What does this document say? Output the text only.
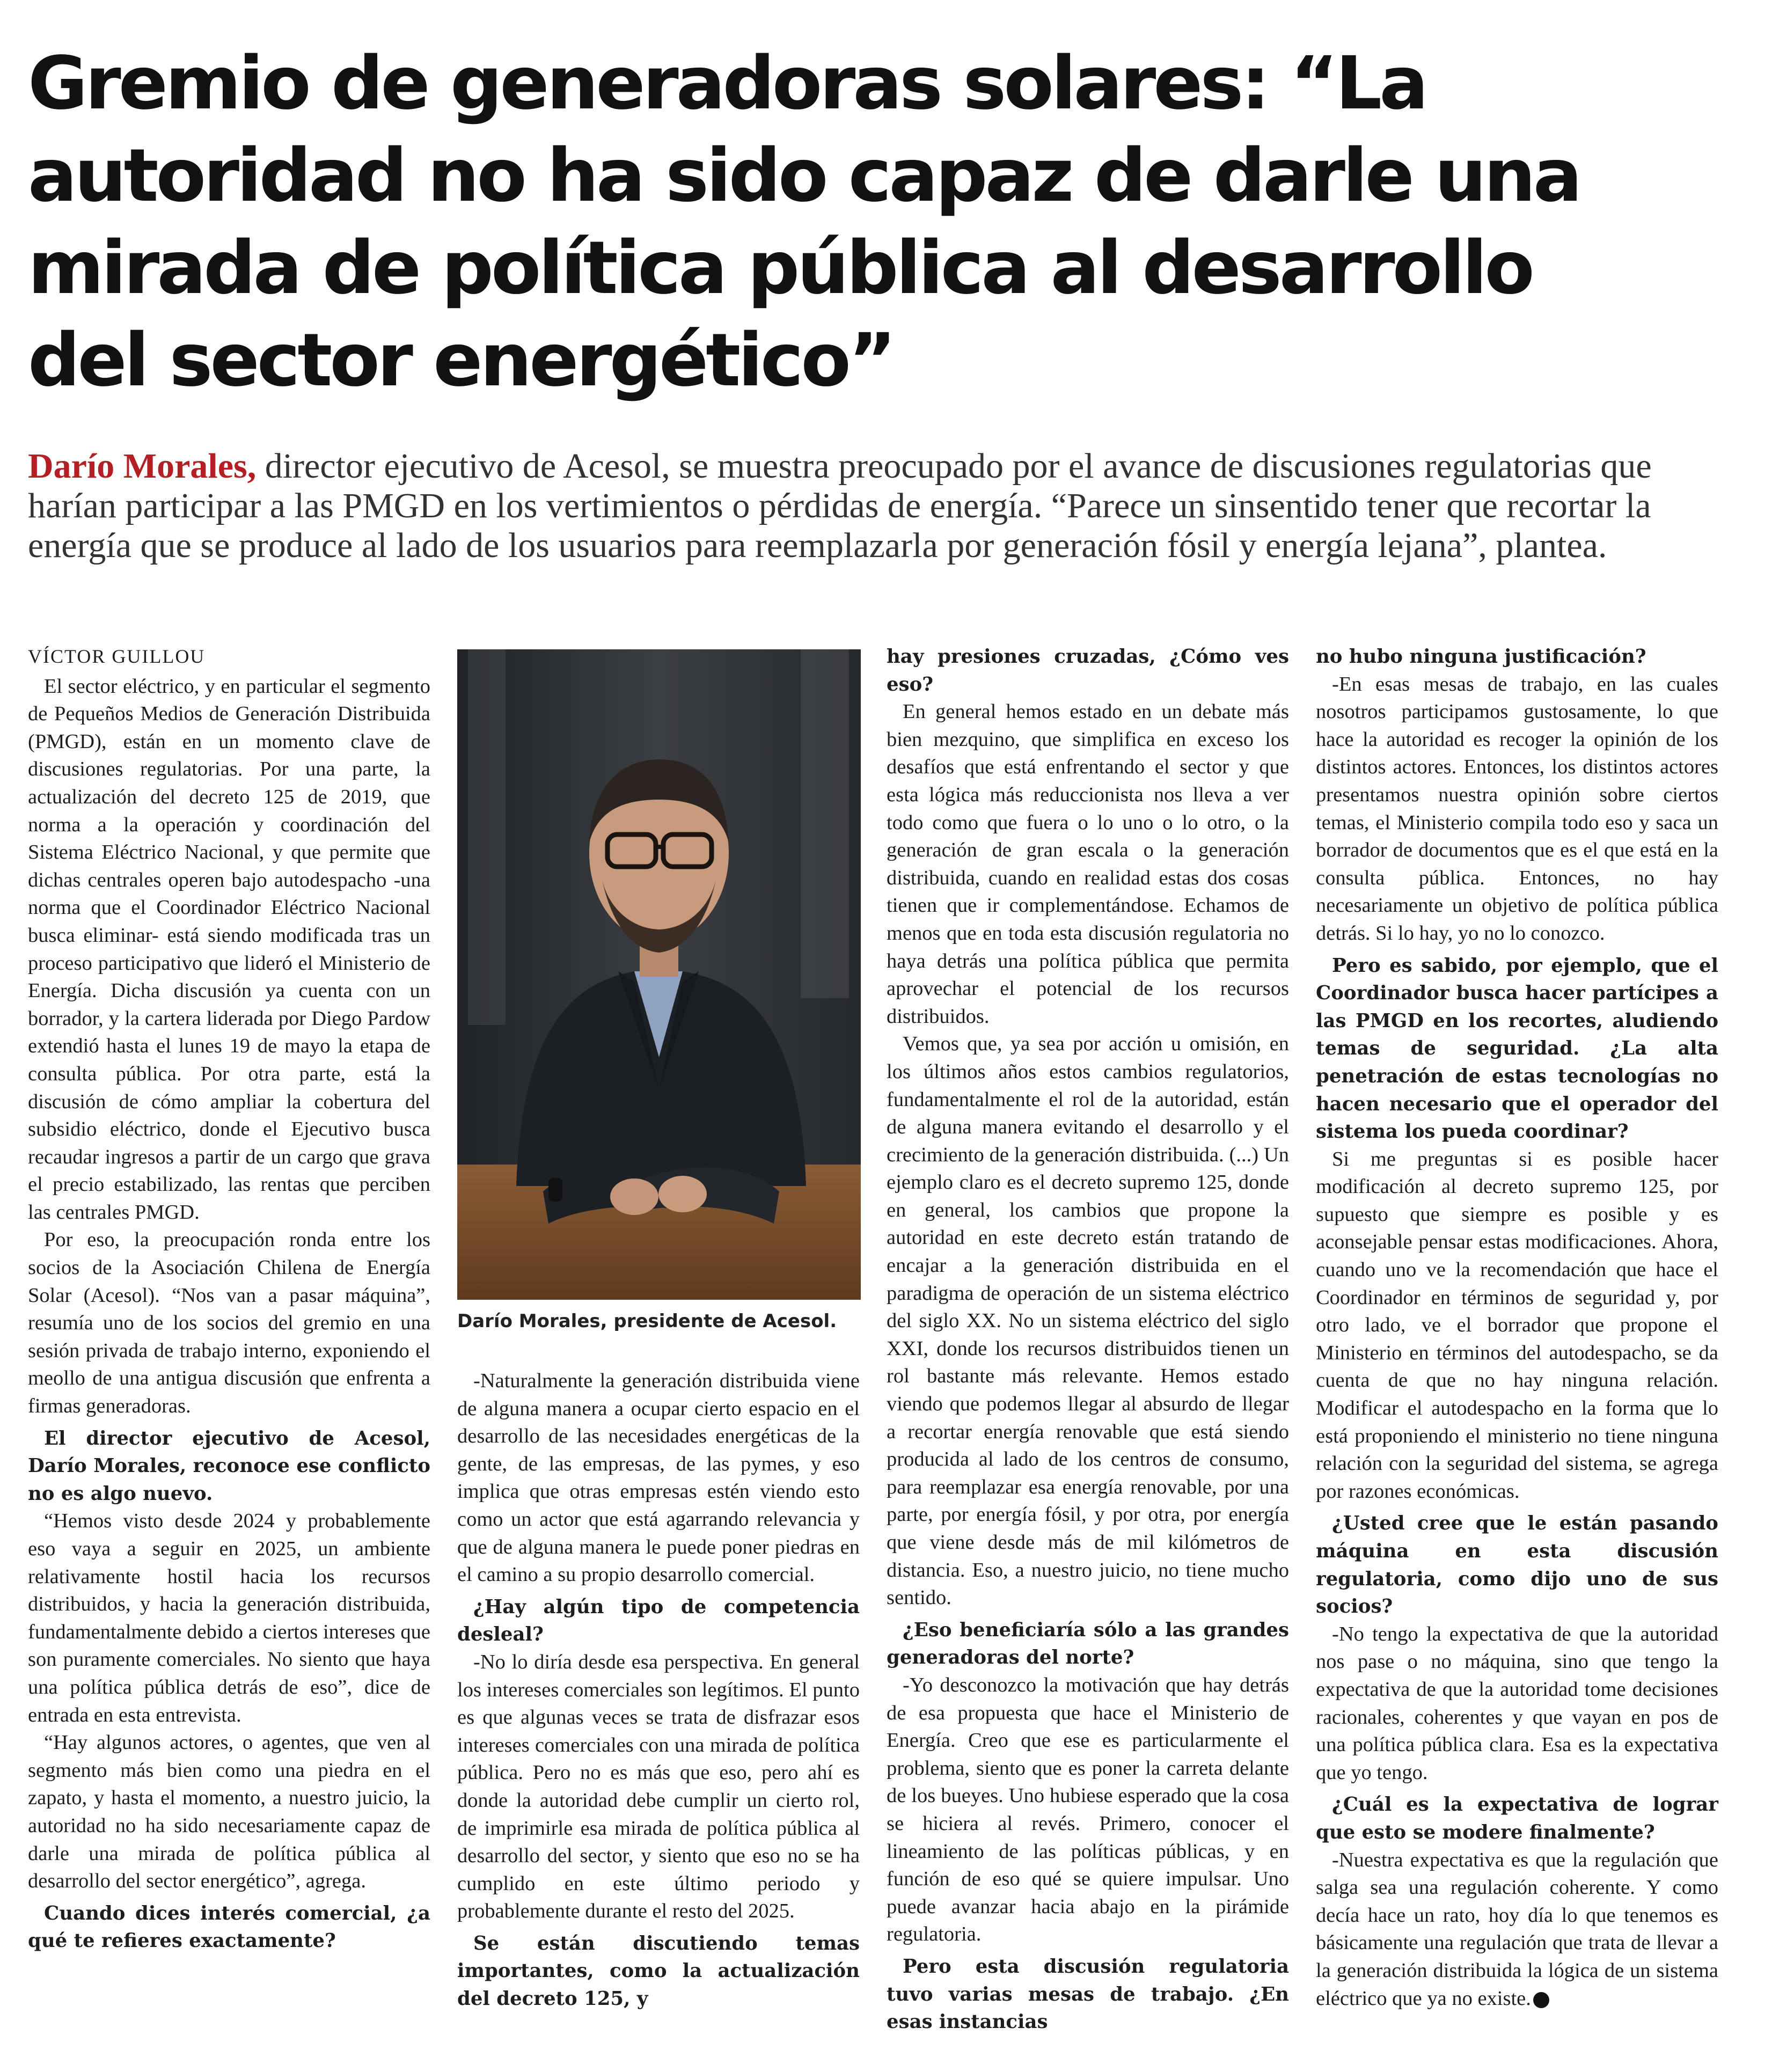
Gremio de generadoras solares: “La autoridad no ha sido capaz de darle una mirada de política pública al desarrollo del sector energético”

Darío Morales, director ejecutivo de Acesol, se muestra preocupado por el avance de discusiones regulatorias que harían participar a las PMGD en los vertimientos o pérdidas de energía. “Parece un sinsentido tener que recortar la energía que se produce al lado de los usuarios para reemplazarla por generación fósil y energía lejana”, plantea.

VÍCTOR GUILLOU

El sector eléctrico, y en particular el segmento de Pequeños Medios de Generación Distribuida (PMGD), están en un momento clave de discusiones regulatorias. Por una parte, la actualización del decreto 125 de 2019, que norma a la operación y coordinación del Sistema Eléctrico Nacional, y que permite que dichas centrales operen bajo autodespacho -una norma que el Coordinador Eléctrico Nacional busca eliminar- está siendo modificada tras un proceso participativo que lideró el Ministerio de Energía. Dicha discusión ya cuenta con un borrador, y la cartera liderada por Diego Pardow extendió hasta el lunes 19 de mayo la etapa de consulta pública. Por otra parte, está la discusión de cómo ampliar la cobertura del subsidio eléctrico, donde el Ejecutivo busca recaudar ingresos a partir de un cargo que grava el precio estabilizado, las rentas que perciben las centrales PMGD.

Por eso, la preocupación ronda entre los socios de la Asociación Chilena de Energía Solar (Acesol). “Nos van a pasar máquina”, resumía uno de los socios del gremio en una sesión privada de trabajo interno, exponiendo el meollo de una antigua discusión que enfrenta a firmas generadoras.

El director ejecutivo de Acesol, Darío Morales, reconoce ese conflicto no es algo nuevo.

“Hemos visto desde 2024 y probablemente eso vaya a seguir en 2025, un ambiente relativamente hostil hacia los recursos distribuidos, y hacia la generación distribuida, fundamentalmente debido a ciertos intereses que son puramente comerciales. No siento que haya una política pública detrás de eso”, dice de entrada en esta entrevista.

“Hay algunos actores, o agentes, que ven al segmento más bien como una piedra en el zapato, y hasta el momento, a nuestro juicio, la autoridad no ha sido necesariamente capaz de darle una mirada de política pública al desarrollo del sector energético”, agrega.

Cuando dices interés comercial, ¿a qué te refieres exactamente?

Darío Morales, presidente de Acesol.

-Naturalmente la generación distribuida viene de alguna manera a ocupar cierto espacio en el desarrollo de las necesidades energéticas de la gente, de las empresas, de las pymes, y eso implica que otras empresas estén viendo esto como un actor que está agarrando relevancia y que de alguna manera le puede poner piedras en el camino a su propio desarrollo comercial.

¿Hay algún tipo de competencia desleal?

-No lo diría desde esa perspectiva. En general los intereses comerciales son legítimos. El punto es que algunas veces se trata de disfrazar esos intereses comerciales con una mirada de política pública. Pero no es más que eso, pero ahí es donde la autoridad debe cumplir un cierto rol, de imprimirle esa mirada de política pública al desarrollo del sector, y siento que eso no se ha cumplido en este último periodo y probablemente durante el resto del 2025.

Se están discutiendo temas importantes, como la actualización del decreto 125, y

hay presiones cruzadas, ¿Cómo ves eso?

En general hemos estado en un debate más bien mezquino, que simplifica en exceso los desafíos que está enfrentando el sector y que esta lógica más reduccionista nos lleva a ver todo como que fuera o lo uno o lo otro, o la generación de gran escala o la generación distribuida, cuando en realidad estas dos cosas tienen que ir complementándose. Echamos de menos que en toda esta discusión regulatoria no haya detrás una política pública que permita aprovechar el potencial de los recursos distribuidos.

Vemos que, ya sea por acción u omisión, en los últimos años estos cambios regulatorios, fundamentalmente el rol de la autoridad, están de alguna manera evitando el desarrollo y el crecimiento de la generación distribuida. (...) Un ejemplo claro es el decreto supremo 125, donde en general, los cambios que propone la autoridad en este decreto están tratando de encajar a la generación distribuida en el paradigma de operación de un sistema eléctrico del siglo XX. No un sistema eléctrico del siglo XXI, donde los recursos distribuidos tienen un rol bastante más relevante. Hemos estado viendo que podemos llegar al absurdo de llegar a recortar energía renovable que está siendo producida al lado de los centros de consumo, para reemplazar esa energía renovable, por una parte, por energía fósil, y por otra, por energía que viene desde más de mil kilómetros de distancia. Eso, a nuestro juicio, no tiene mucho sentido.

¿Eso beneficiaría sólo a las grandes generadoras del norte?

-Yo desconozco la motivación que hay detrás de esa propuesta que hace el Ministerio de Energía. Creo que ese es particularmente el problema, siento que es poner la carreta delante de los bueyes. Uno hubiese esperado que la cosa se hiciera al revés. Primero, conocer el lineamiento de las políticas públicas, y en función de eso qué se quiere impulsar. Uno puede avanzar hacia abajo en la pirámide regulatoria.

Pero esta discusión regulatoria tuvo varias mesas de trabajo. ¿En esas instancias

no hubo ninguna justificación?

-En esas mesas de trabajo, en las cuales nosotros participamos gustosamente, lo que hace la autoridad es recoger la opinión de los distintos actores. Entonces, los distintos actores presentamos nuestra opinión sobre ciertos temas, el Ministerio compila todo eso y saca un borrador de documentos que es el que está en la consulta pública. Entonces, no hay necesariamente un objetivo de política pública detrás. Si lo hay, yo no lo conozco.

Pero es sabido, por ejemplo, que el Coordinador busca hacer partícipes a las PMGD en los recortes, aludiendo temas de seguridad. ¿La alta penetración de estas tecnologías no hacen necesario que el operador del sistema los pueda coordinar?

Si me preguntas si es posible hacer modificación al decreto supremo 125, por supuesto que siempre es posible y es aconsejable pensar estas modificaciones. Ahora, cuando uno ve la recomendación que hace el Coordinador en términos de seguridad y, por otro lado, ve el borrador que propone el Ministerio en términos del autodespacho, se da cuenta de que no hay ninguna relación. Modificar el autodespacho en la forma que lo está proponiendo el ministerio no tiene ninguna relación con la seguridad del sistema, se agrega por razones económicas.

¿Usted cree que le están pasando máquina en esta discusión regulatoria, como dijo uno de sus socios?

-No tengo la expectativa de que la autoridad nos pase o no máquina, sino que tengo la expectativa de que la autoridad tome decisiones racionales, coherentes y que vayan en pos de una política pública clara. Esa es la expectativa que yo tengo.

¿Cuál es la expectativa de lograr que esto se modere finalmente?

-Nuestra expectativa es que la regulación que salga sea una regulación coherente. Y como decía hace un rato, hoy día lo que tenemos es básicamente una regulación que trata de llevar a la generación distribuida la lógica de un sistema eléctrico que ya no existe. P
